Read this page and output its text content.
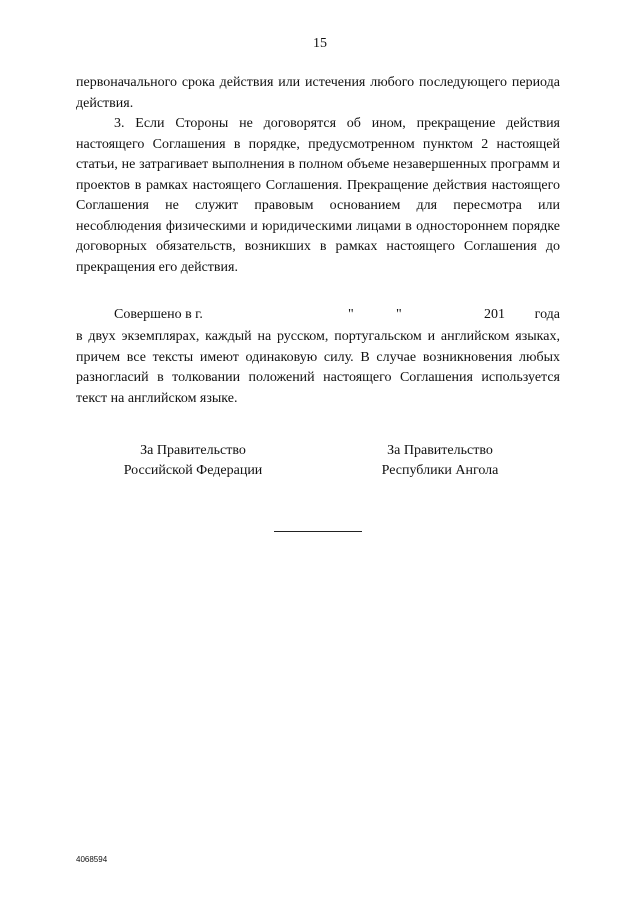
15

первоначального срока действия или истечения любого последующего периода действия.

3. Если Стороны не договорятся об ином, прекращение действия настоящего Соглашения в порядке, предусмотренном пунктом 2 настоящей статьи, не затрагивает выполнения в полном объеме незавершенных программ и проектов в рамках настоящего Соглашения. Прекращение действия настоящего Соглашения не служит правовым основанием для пересмотра или несоблюдения физическими и юридическими лицами в одностороннем порядке договорных обязательств, возникших в рамках настоящего Соглашения до прекращения его действия.

Совершено в г.	"	"	201 года

в двух экземплярах, каждый на русском, португальском и английском языках, причем все тексты имеют одинаковую силу. В случае возникновения любых разногласий в толковании положений настоящего Соглашения используется текст на английском языке.

За Правительство
Российской Федерации
За Правительство
Республики Ангола
4068594
